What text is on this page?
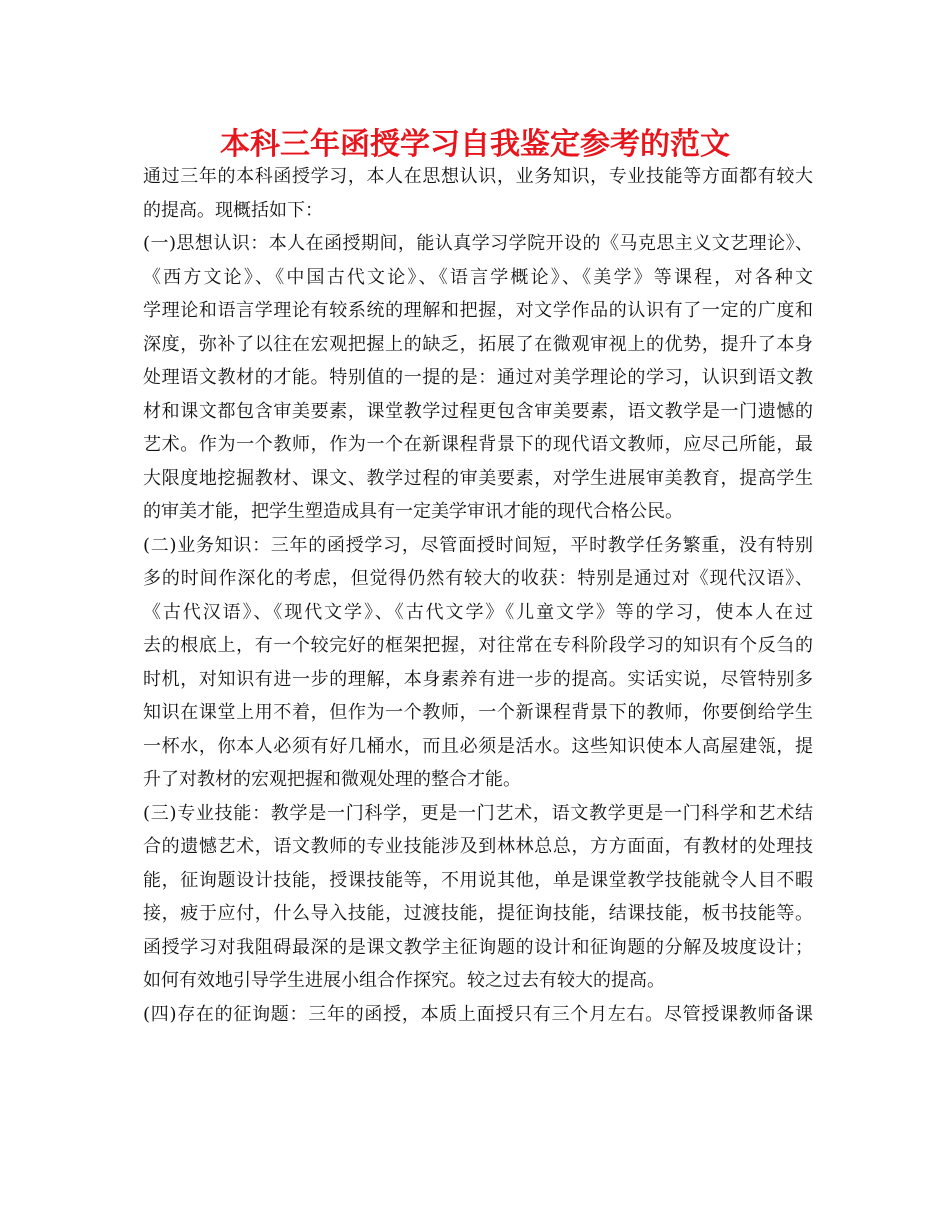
本科三年函授学习自我鉴定参考的范文
通过三年的本科函授学习，本人在思想认识，业务知识，专业技能等方面都有较大
的提高。现概括如下：
(一)思想认识：本人在函授期间，能认真学习学院开设的《马克思主义文艺理论》、
《西方文论》、《中国古代文论》、《语言学概论》、《美学》等课程，对各种文
学理论和语言学理论有较系统的理解和把握，对文学作品的认识有了一定的广度和
深度，弥补了以往在宏观把握上的缺乏，拓展了在微观审视上的优势，提升了本身
处理语文教材的才能。特别值的一提的是：通过对美学理论的学习，认识到语文教
材和课文都包含审美要素，课堂教学过程更包含审美要素，语文教学是一门遗憾的
艺术。作为一个教师，作为一个在新课程背景下的现代语文教师，应尽己所能，最
大限度地挖掘教材、课文、教学过程的审美要素，对学生进展审美教育，提高学生
的审美才能，把学生塑造成具有一定美学审讯才能的现代合格公民。
(二)业务知识：三年的函授学习，尽管面授时间短，平时教学任务繁重，没有特别
多的时间作深化的考虑，但觉得仍然有较大的收获：特别是通过对《现代汉语》、
《古代汉语》、《现代文学》、《古代文学》《儿童文学》等的学习，使本人在过
去的根底上，有一个较完好的框架把握，对往常在专科阶段学习的知识有个反刍的
时机，对知识有进一步的理解，本身素养有进一步的提高。实话实说，尽管特别多
知识在课堂上用不着，但作为一个教师，一个新课程背景下的教师，你要倒给学生
一杯水，你本人必须有好几桶水，而且必须是活水。这些知识使本人高屋建瓴，提
升了对教材的宏观把握和微观处理的整合才能。
(三)专业技能：教学是一门科学，更是一门艺术，语文教学更是一门科学和艺术结
合的遗憾艺术，语文教师的专业技能涉及到林林总总，方方面面，有教材的处理技
能，征询题设计技能，授课技能等，不用说其他，单是课堂教学技能就令人目不暇
接，疲于应付，什么导入技能，过渡技能，提征询技能，结课技能，板书技能等。
函授学习对我阻碍最深的是课文教学主征询题的设计和征询题的分解及坡度设计；
如何有效地引导学生进展小组合作探究。较之过去有较大的提高。
(四)存在的征询题：三年的函授，本质上面授只有三个月左右。尽管授课教师备课
